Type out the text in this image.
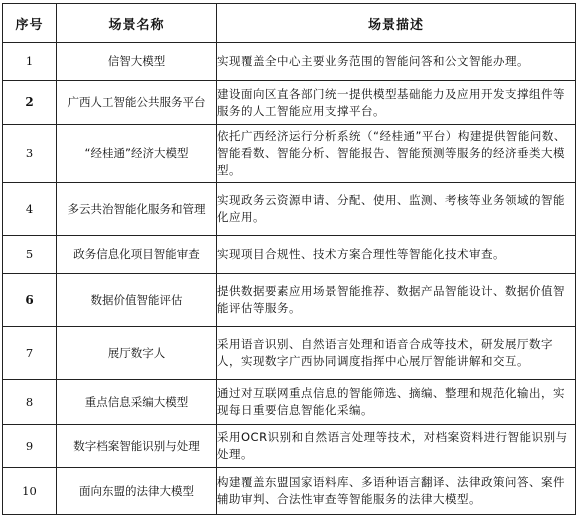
序号	场景名称	场景描述
1	信智大模型	实现覆盖全中心主要业务范围的智能问答和公文智能办理。
2	广西人工智能公共服务平台	建设面向区直各部门统一提供模型基础能力及应用开发支撑组件等服务的人工智能应用支撑平台。
3	“经桂通”经济大模型	依托广西经济运行分析系统（“经桂通”平台）构建提供智能问数、智能看数、智能分析、智能报告、智能预测等服务的经济垂类大模型。
4	多云共治智能化服务和管理	实现政务云资源申请、分配、使用、监测、考核等业务领域的智能化应用。
5	政务信息化项目智能审查	实现项目合规性、技术方案合理性等智能化技术审查。
6	数据价值智能评估	提供数据要素应用场景智能推荐、数据产品智能设计、数据价值智能评估等服务。
7	展厅数字人	采用语音识别、自然语言处理和语音合成等技术，研发展厅数字人，实现数字广西协同调度指挥中心展厅智能讲解和交互。
8	重点信息采编大模型	通过对互联网重点信息的智能筛选、摘编、整理和规范化输出，实现每日重要信息智能化采编。
9	数字档案智能识别与处理	采用OCR识别和自然语言处理等技术，对档案资料进行智能识别与处理。
10	面向东盟的法律大模型	构建覆盖东盟国家语料库、多语种语言翻译、法律政策问答、案件辅助审判、合法性审查等智能服务的法律大模型。
